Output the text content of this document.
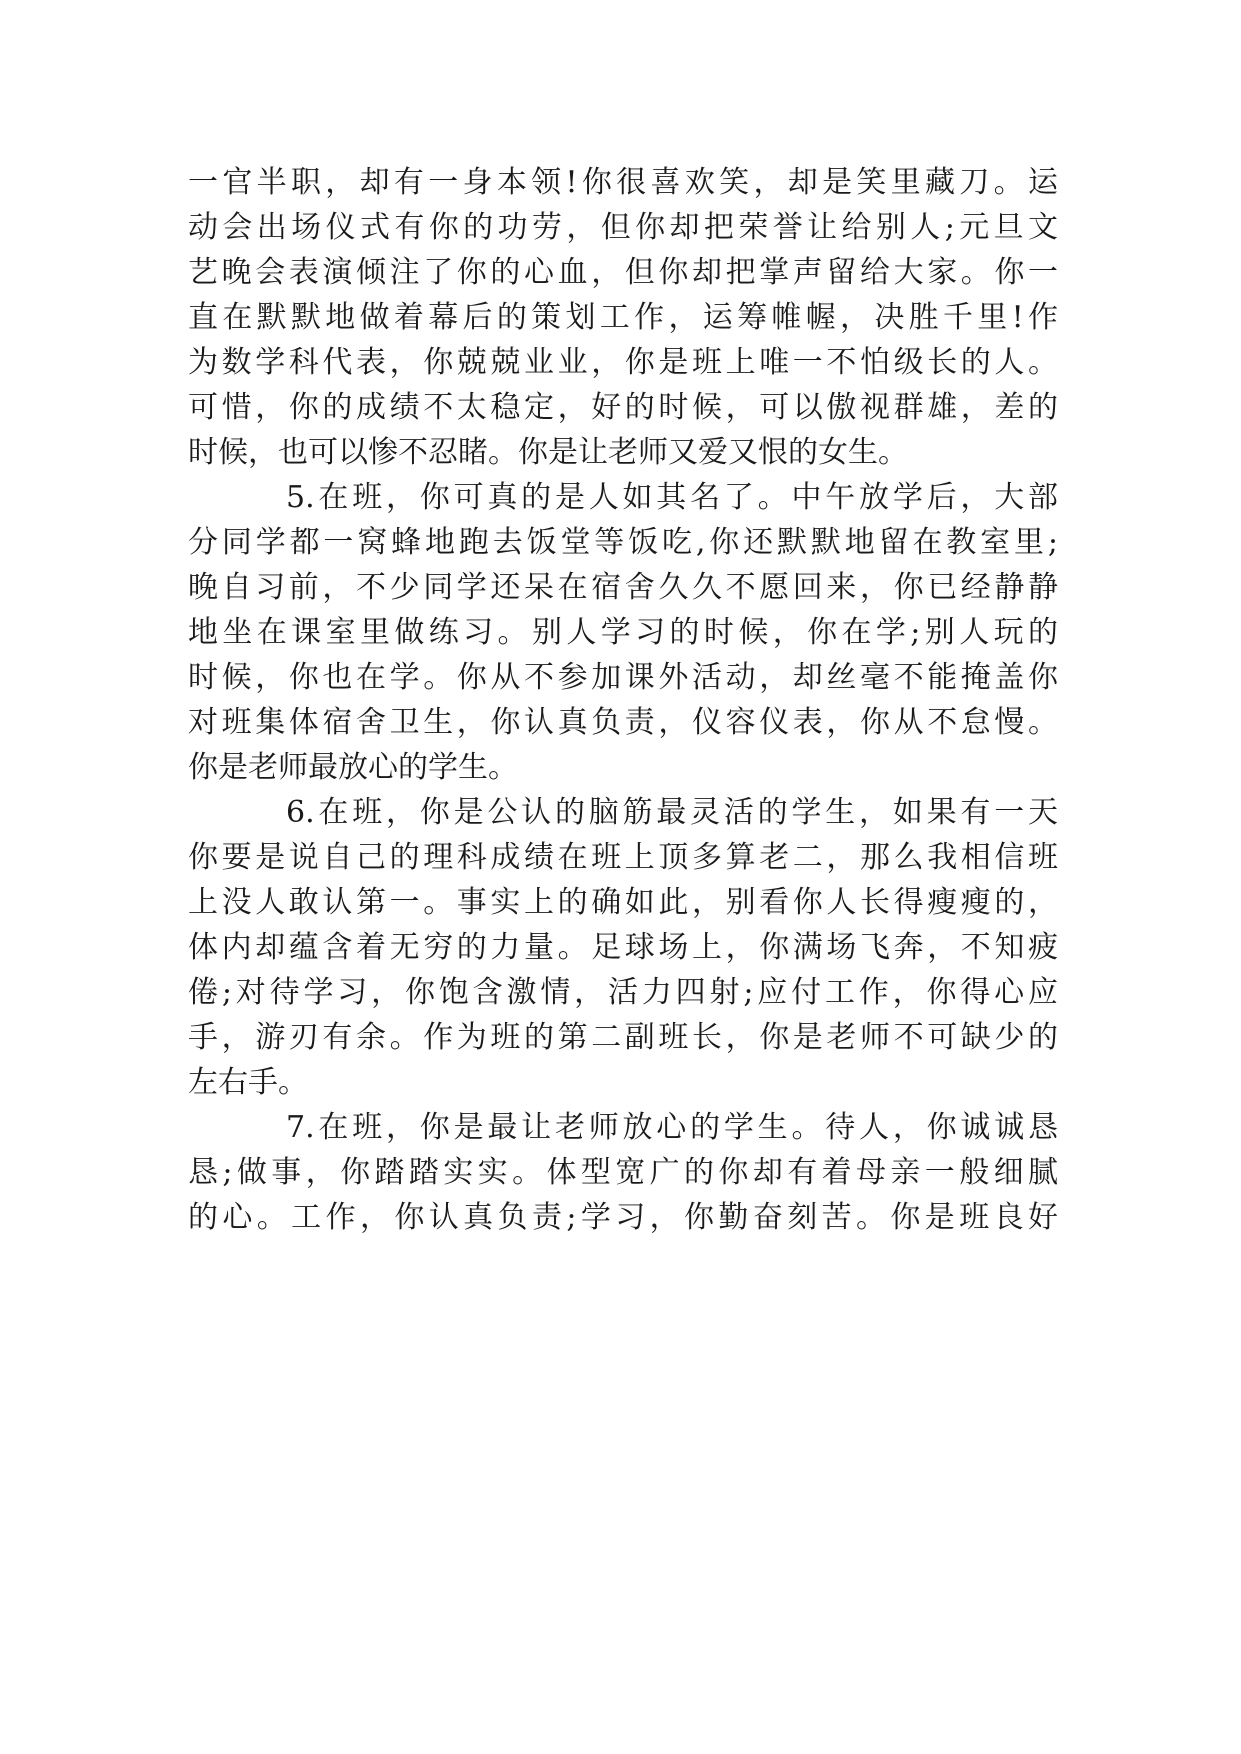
一官半职，却有一身本领!你很喜欢笑，却是笑里藏刀。运
动会出场仪式有你的功劳，但你却把荣誉让给别人;元旦文
艺晚会表演倾注了你的心血，但你却把掌声留给大家。你一
直在默默地做着幕后的策划工作，运筹帷幄，决胜千里!作
为数学科代表，你兢兢业业，你是班上唯一不怕级长的人。
可惜，你的成绩不太稳定，好的时候，可以傲视群雄，差的
时候，也可以惨不忍睹。你是让老师又爱又恨的女生。
5.在班，你可真的是人如其名了。中午放学后，大部
分同学都一窝蜂地跑去饭堂等饭吃,你还默默地留在教室里;
晚自习前，不少同学还呆在宿舍久久不愿回来，你已经静静
地坐在课室里做练习。别人学习的时候，你在学;别人玩的
时候，你也在学。你从不参加课外活动，却丝毫不能掩盖你
对班集体宿舍卫生，你认真负责，仪容仪表，你从不怠慢。
你是老师最放心的学生。
6.在班，你是公认的脑筋最灵活的学生，如果有一天
你要是说自己的理科成绩在班上顶多算老二，那么我相信班
上没人敢认第一。事实上的确如此，别看你人长得瘦瘦的，
体内却蕴含着无穷的力量。足球场上，你满场飞奔，不知疲
倦;对待学习，你饱含激情，活力四射;应付工作，你得心应
手，游刃有余。作为班的第二副班长，你是老师不可缺少的
左右手。
7.在班，你是最让老师放心的学生。待人，你诚诚恳
恳;做事，你踏踏实实。体型宽广的你却有着母亲一般细腻
的心。工作，你认真负责;学习，你勤奋刻苦。你是班良好
